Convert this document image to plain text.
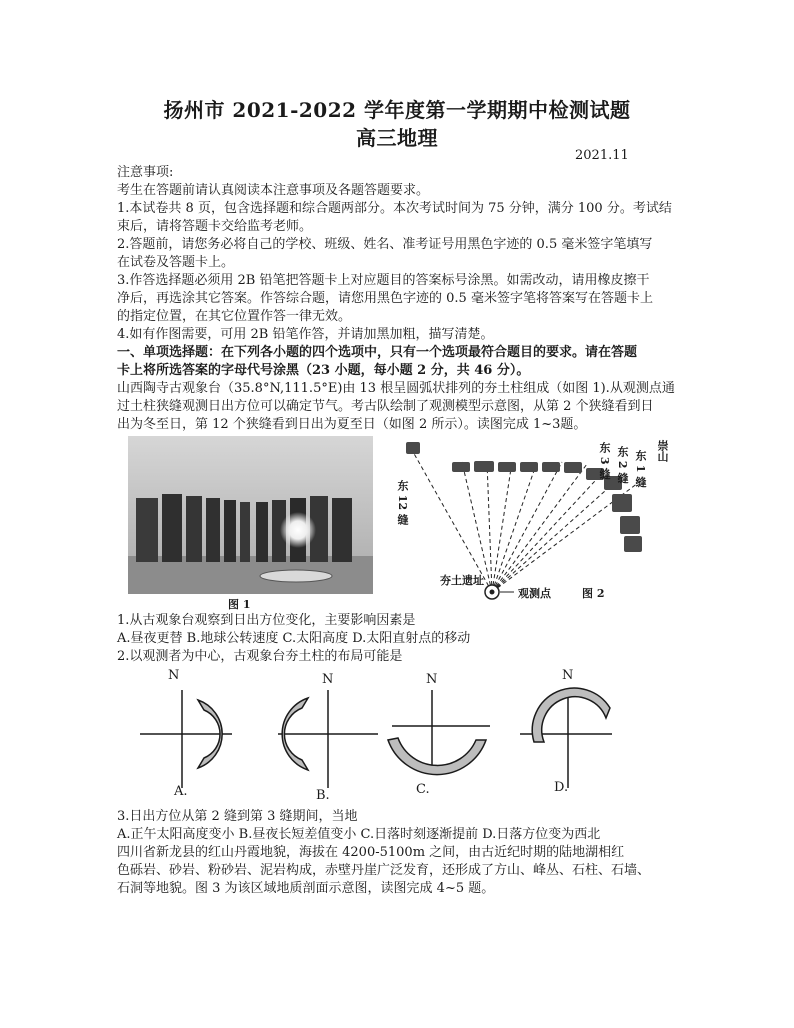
扬州市 2021-2022 学年度第一学期期中检测试题
高三地理
2021.11
注意事项:
考生在答题前请认真阅读本注意事项及各题答题要求。
1.本试卷共 8 页，包含选择题和综合题两部分。本次考试时间为 75 分钟，满分 100 分。考试结
束后，请将答题卡交给监考老师。
2.答题前，请您务必将自己的学校、班级、姓名、准考证号用黑色字迹的 0.5 毫米签字笔填写
在试卷及答题卡上。
3.作答选择题必须用 2B 铅笔把答题卡上对应题目的答案标号涂黑。如需改动，请用橡皮擦干
净后，再选涂其它答案。作答综合题，请您用黑色字迹的 0.5 毫米签字笔将答案写在答题卡上
的指定位置，在其它位置作答一律无效。
4.如有作图需要，可用 2B 铅笔作答，并请加黑加粗，描写清楚。
一、单项选择题：在下列各小题的四个选项中，只有一个选项最符合题目的要求。请在答题
卡上将所选答案的字母代号涂黑（23 小题，每小题 2 分，共 46 分）。
山西陶寺古观象台（35.8°N,111.5°E)由 13 根呈圆弧状排列的夯土柱组成（如图 1).从观测点通
过土柱狭缝观测日出方位可以确定节气。考古队绘制了观测模型示意图，从第 2 个狭缝看到日
出为冬至日，第 12 个狭缝看到日出为夏至日（如图 2 所示）。读图完成 1~3题。
图 1
东 12 缝
东 3 缝 东 2 缝 东 1 缝 崇山
夯土遗址
观测点	图 2
1.从古观象台观察到日出方位变化，主要影响因素是
A.昼夜更替 B.地球公转速度 C.太阳高度 D.太阳直射点的移动
2.以观测者为中心，古观象台夯土柱的布局可能是
N	N	N	N
A.	B.	C.	D.
3.日出方位从第 2 缝到第 3 缝期间，当地
A.正午太阳高度变小 B.昼夜长短差值变小 C.日落时刻逐渐提前 D.日落方位变为西北
四川省新龙县的红山丹霞地貌，海拔在 4200-5100m 之间，由古近纪时期的陆地湖相红
色砾岩、砂岩、粉砂岩、泥岩构成，赤壁丹崖广泛发育，还形成了方山、峰丛、石柱、石墙、
石洞等地貌。图 3 为该区域地质剖面示意图，读图完成 4~5 题。
